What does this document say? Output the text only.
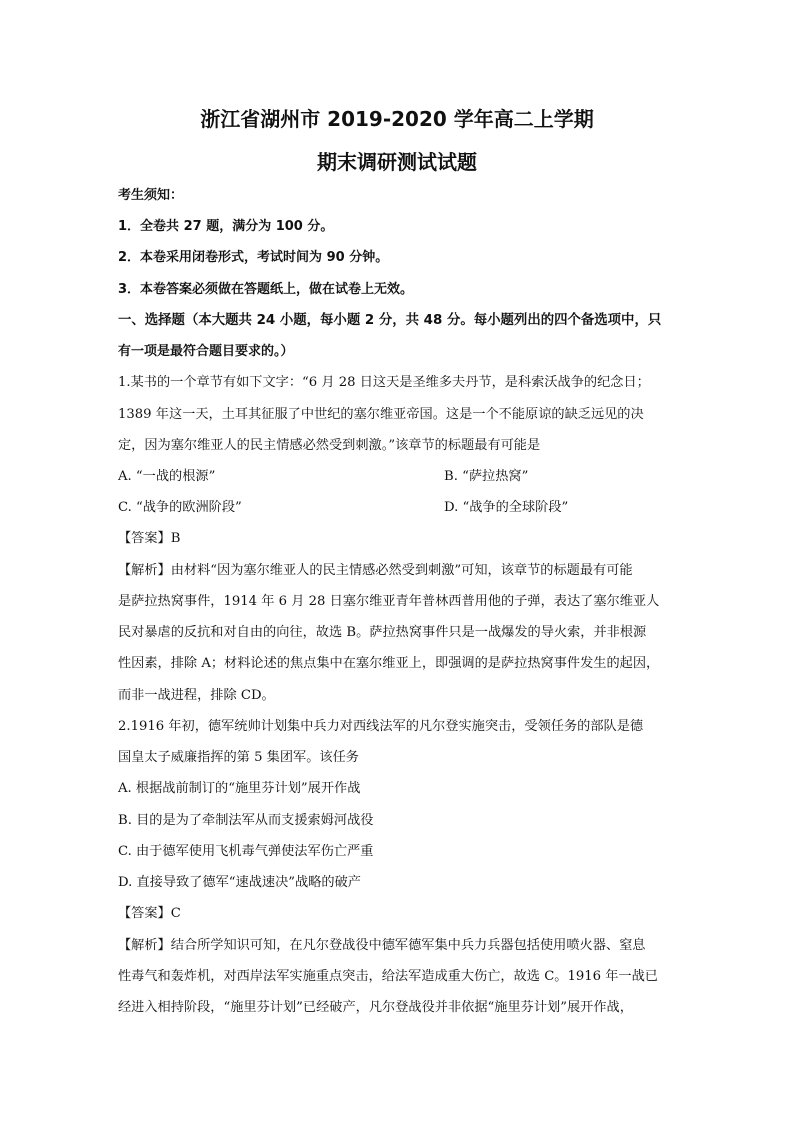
浙江省湖州市 2019-2020 学年高二上学期
期末调研测试试题
考生须知：
1．全卷共 27 题，满分为 100 分。
2．本卷采用闭卷形式，考试时间为 90 分钟。
3．本卷答案必须做在答题纸上，做在试卷上无效。
一、选择题（本大题共 24 小题，每小题 2 分，共 48 分。每小题列出的四个备选项中，只
有一项是最符合题目要求的。）
1.某书的一个章节有如下文字：“6 月 28 日这天是圣维多夫丹节，是科索沃战争的纪念日；
1389 年这一天，土耳其征服了中世纪的塞尔维亚帝国。这是一个不能原谅的缺乏远见的决
定，因为塞尔维亚人的民主情感必然受到刺激。”该章节的标题最有可能是
A. “一战的根源”	B. “萨拉热窝”
C. “战争的欧洲阶段”	D. “战争的全球阶段”
【答案】B
【解析】由材料“因为塞尔维亚人的民主情感必然受到刺激”可知，该章节的标题最有可能
是萨拉热窝事件，1914 年 6 月 28 日塞尔维亚青年普林西普用他的子弹，表达了塞尔维亚人
民对暴虐的反抗和对自由的向往，故选 B。萨拉热窝事件只是一战爆发的导火索，并非根源
性因素，排除 A；材料论述的焦点集中在塞尔维亚上，即强调的是萨拉热窝事件发生的起因，
而非一战进程，排除 CD。
2.1916 年初，德军统帅计划集中兵力对西线法军的凡尔登实施突击，受领任务的部队是德
国皇太子威廉指挥的第 5 集团军。该任务
A. 根据战前制订的“施里芬计划”展开作战
B. 目的是为了牵制法军从而支援索姆河战役
C. 由于德军使用飞机毒气弹使法军伤亡严重
D. 直接导致了德军“速战速决”战略的破产
【答案】C
【解析】结合所学知识可知，在凡尔登战役中德军德军集中兵力兵器包括使用喷火器、窒息
性毒气和轰炸机，对西岸法军实施重点突击，给法军造成重大伤亡，故选 C。1916 年一战已
经进入相持阶段，“施里芬计划”已经破产，凡尔登战役并非依据“施里芬计划”展开作战，
